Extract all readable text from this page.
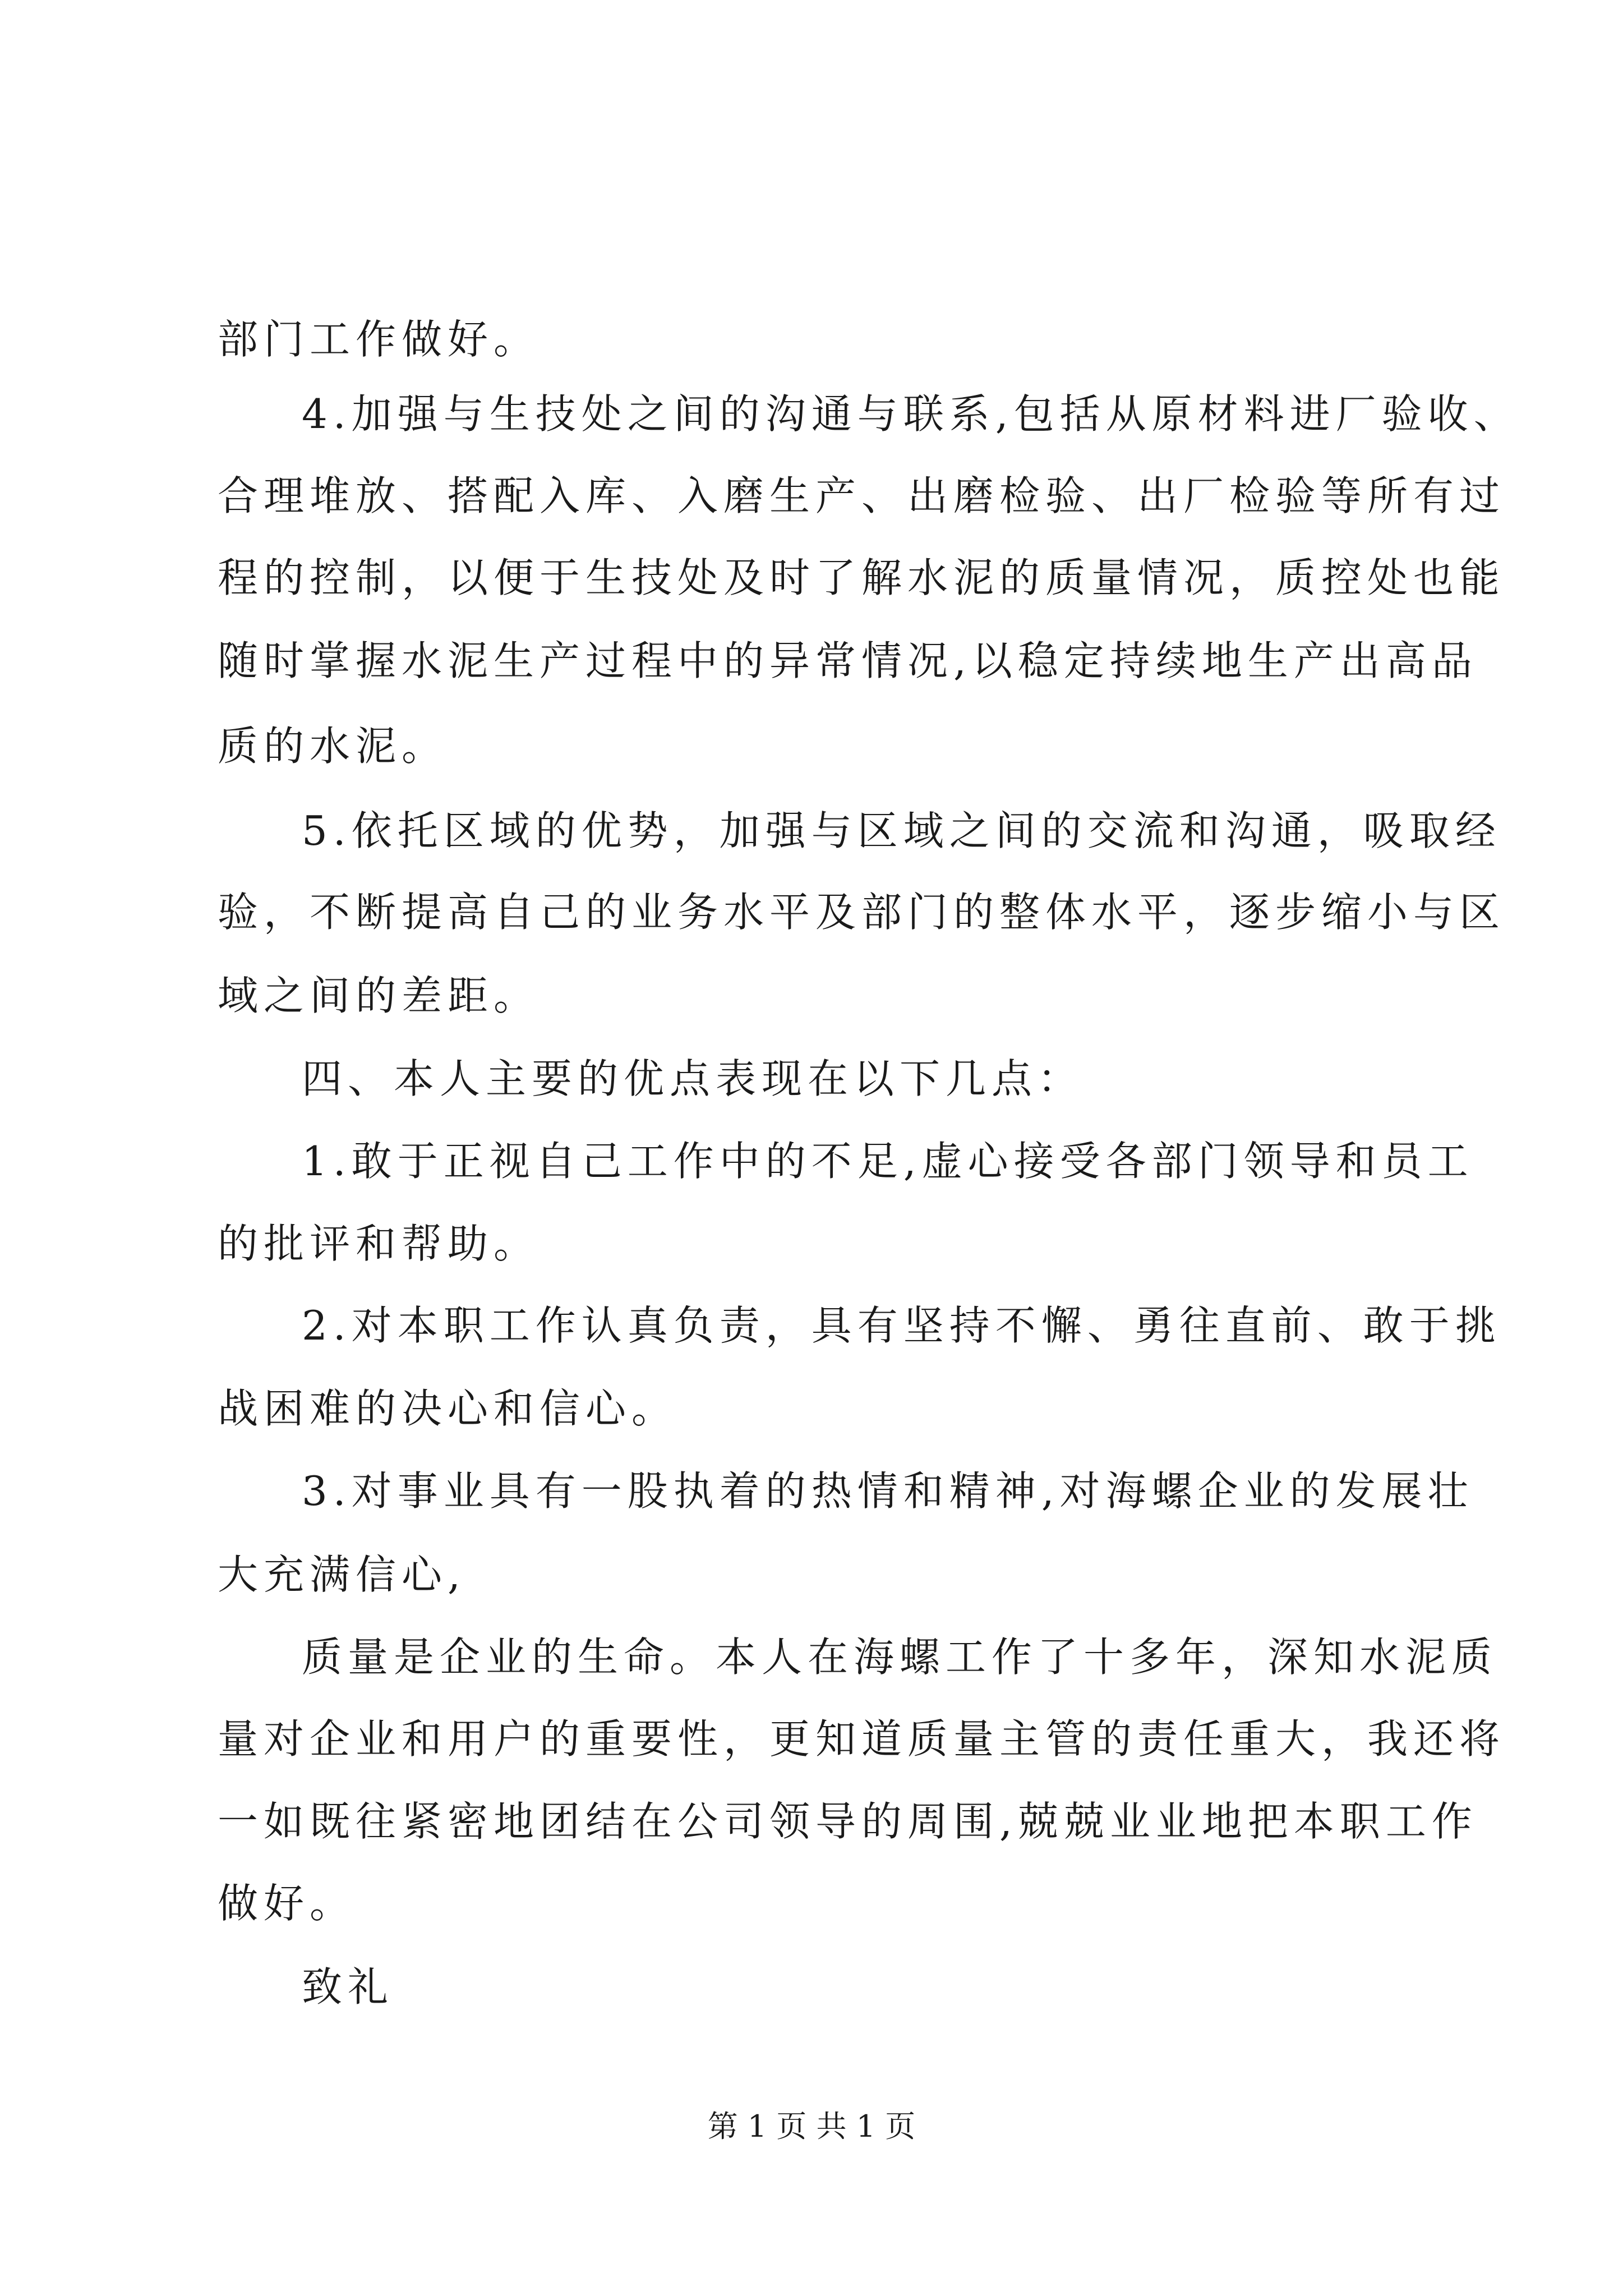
部门工作做好。
4.加强与生技处之间的沟通与联系,包括从原材料进厂验收、
合理堆放、搭配入库、入磨生产、出磨检验、出厂检验等所有过
程的控制，以便于生技处及时了解水泥的质量情况，质控处也能
随时掌握水泥生产过程中的异常情况,以稳定持续地生产出高品
质的水泥。
5.依托区域的优势，加强与区域之间的交流和沟通，吸取经
验，不断提高自己的业务水平及部门的整体水平，逐步缩小与区
域之间的差距。
四、本人主要的优点表现在以下几点：
1.敢于正视自己工作中的不足,虚心接受各部门领导和员工
的批评和帮助。
2.对本职工作认真负责，具有坚持不懈、勇往直前、敢于挑
战困难的决心和信心。
3.对事业具有一股执着的热情和精神,对海螺企业的发展壮
大充满信心,
质量是企业的生命。本人在海螺工作了十多年，深知水泥质
量对企业和用户的重要性，更知道质量主管的责任重大，我还将
一如既往紧密地团结在公司领导的周围,兢兢业业地把本职工作
做好。
致礼
第 1 页 共 1 页
